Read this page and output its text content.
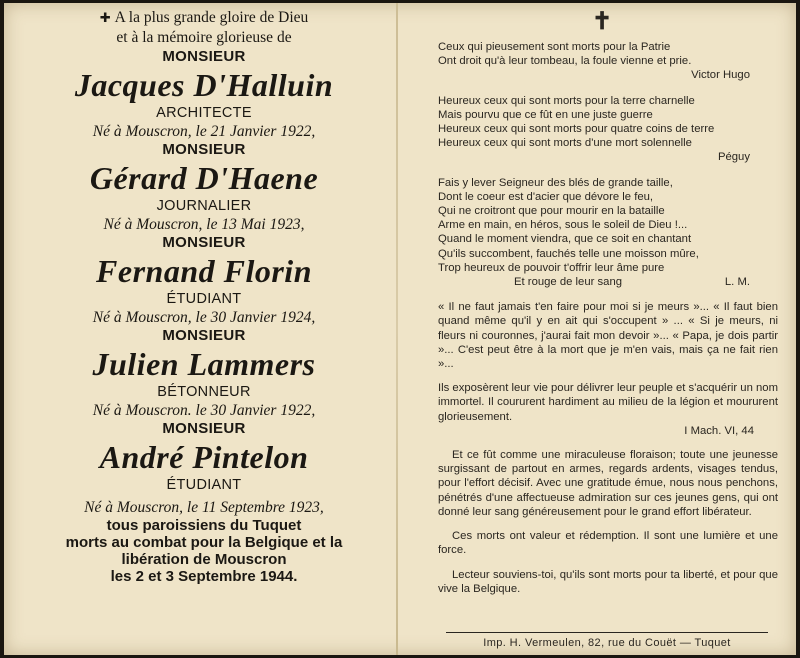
✚ A la plus grande gloire de Dieu
et à la mémoire glorieuse de
MONSIEUR
Jacques D'Halluin
ARCHITECTE
Né à Mouscron, le 21 Janvier 1922,
MONSIEUR
Gérard D'Haene
JOURNALIER
Né à Mouscron, le 13 Mai 1923,
MONSIEUR
Fernand Florin
ÉTUDIANT
Né à Mouscron, le 30 Janvier 1924,
MONSIEUR
Julien Lammers
BÉTONNEUR
Né à Mouscron. le 30 Janvier 1922,
MONSIEUR
André Pintelon
ÉTUDIANT
Né à Mouscron, le 11 Septembre 1923,
tous paroissiens du Tuquet
morts au combat pour la Belgique et la
libération de Mouscron
les 2 et 3 Septembre 1944.
✝
Ceux qui pieusement sont morts pour la Patrie
Ont droit qu'à leur tombeau, la foule vienne et prie.
Victor Hugo
Heureux ceux qui sont morts pour la terre charnelle
Mais pourvu que ce fût en une juste guerre
Heureux ceux qui sont morts pour quatre coins de terre
Heureux ceux qui sont morts d'une mort solennelle
Péguy
Fais y lever Seigneur des blés de grande taille,
Dont le coeur est d'acier que dévore le feu,
Qui ne croitront que pour mourir en la bataille
Arme en main, en héros, sous le soleil de Dieu !...
Quand le moment viendra, que ce soit en chantant
Qu'ils succombent, fauchés telle une moisson mûre,
Trop heureux de pouvoir t'offrir leur âme pure
Et rouge de leur sang	L. M.
« Il ne faut jamais t'en faire pour moi si je meurs »... « Il faut bien quand même qu'il y en ait qui s'occupent » ... « Si je meurs, ni fleurs ni couronnes, j'aurai fait mon devoir »... « Papa, je dois partir »... C'est peut être à la mort que je m'en vais, mais ça ne fait rien »...
Ils exposèrent leur vie pour délivrer leur peuple et s'acquérir un nom immortel. Il coururent hardiment au milieu de la légion et moururent glorieusement.
I Mach. VI, 44
Et ce fût comme une miraculeuse floraison; toute une jeunesse surgissant de partout en armes, regards ardents, visages tendus, pour l'effort décisif. Avec une gratitude émue, nous nous penchons, pénétrés d'une affectueuse admiration sur ces jeunes gens, qui ont donné leur sang généreusement pour le grand effort libérateur.
Ces morts ont valeur et rédemption. Il sont une lumière et une force.
Lecteur souviens-toi, qu'ils sont morts pour ta liberté, et pour que vive la Belgique.
Imp. H. Vermeulen, 82, rue du Couët — Tuquet
